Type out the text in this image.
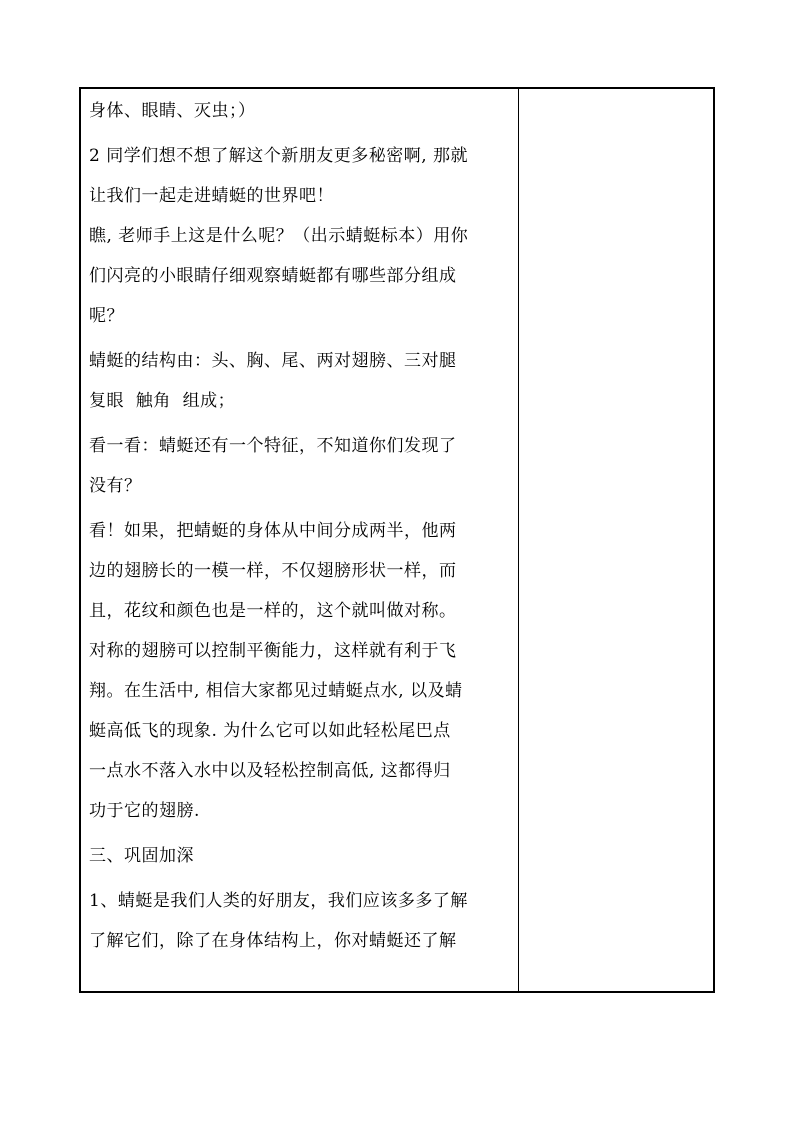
身体、眼睛、灭虫；）

2 同学们想不想了解这个新朋友更多秘密啊, 那就
让我们一起走进蜻蜓的世界吧！
瞧, 老师手上这是什么呢？（出示蜻蜓标本）用你
们闪亮的小眼睛仔细观察蜻蜓都有哪些部分组成
呢？

蜻蜓的结构由：头、胸、尾、两对翅膀、三对腿
复眼  触角  组成；

看一看：蜻蜓还有一个特征，不知道你们发现了
没有？

看！如果，把蜻蜓的身体从中间分成两半，他两
边的翅膀长的一模一样，不仅翅膀形状一样，而
且，花纹和颜色也是一样的，这个就叫做对称。
对称的翅膀可以控制平衡能力，这样就有利于飞
翔。在生活中, 相信大家都见过蜻蜓点水, 以及蜻
蜓高低飞的现象. 为什么它可以如此轻松尾巴点
一点水不落入水中以及轻松控制高低, 这都得归
功于它的翅膀.

三、巩固加深

1、蜻蜓是我们人类的好朋友，我们应该多多了解
了解它们，除了在身体结构上，你对蜻蜓还了解
